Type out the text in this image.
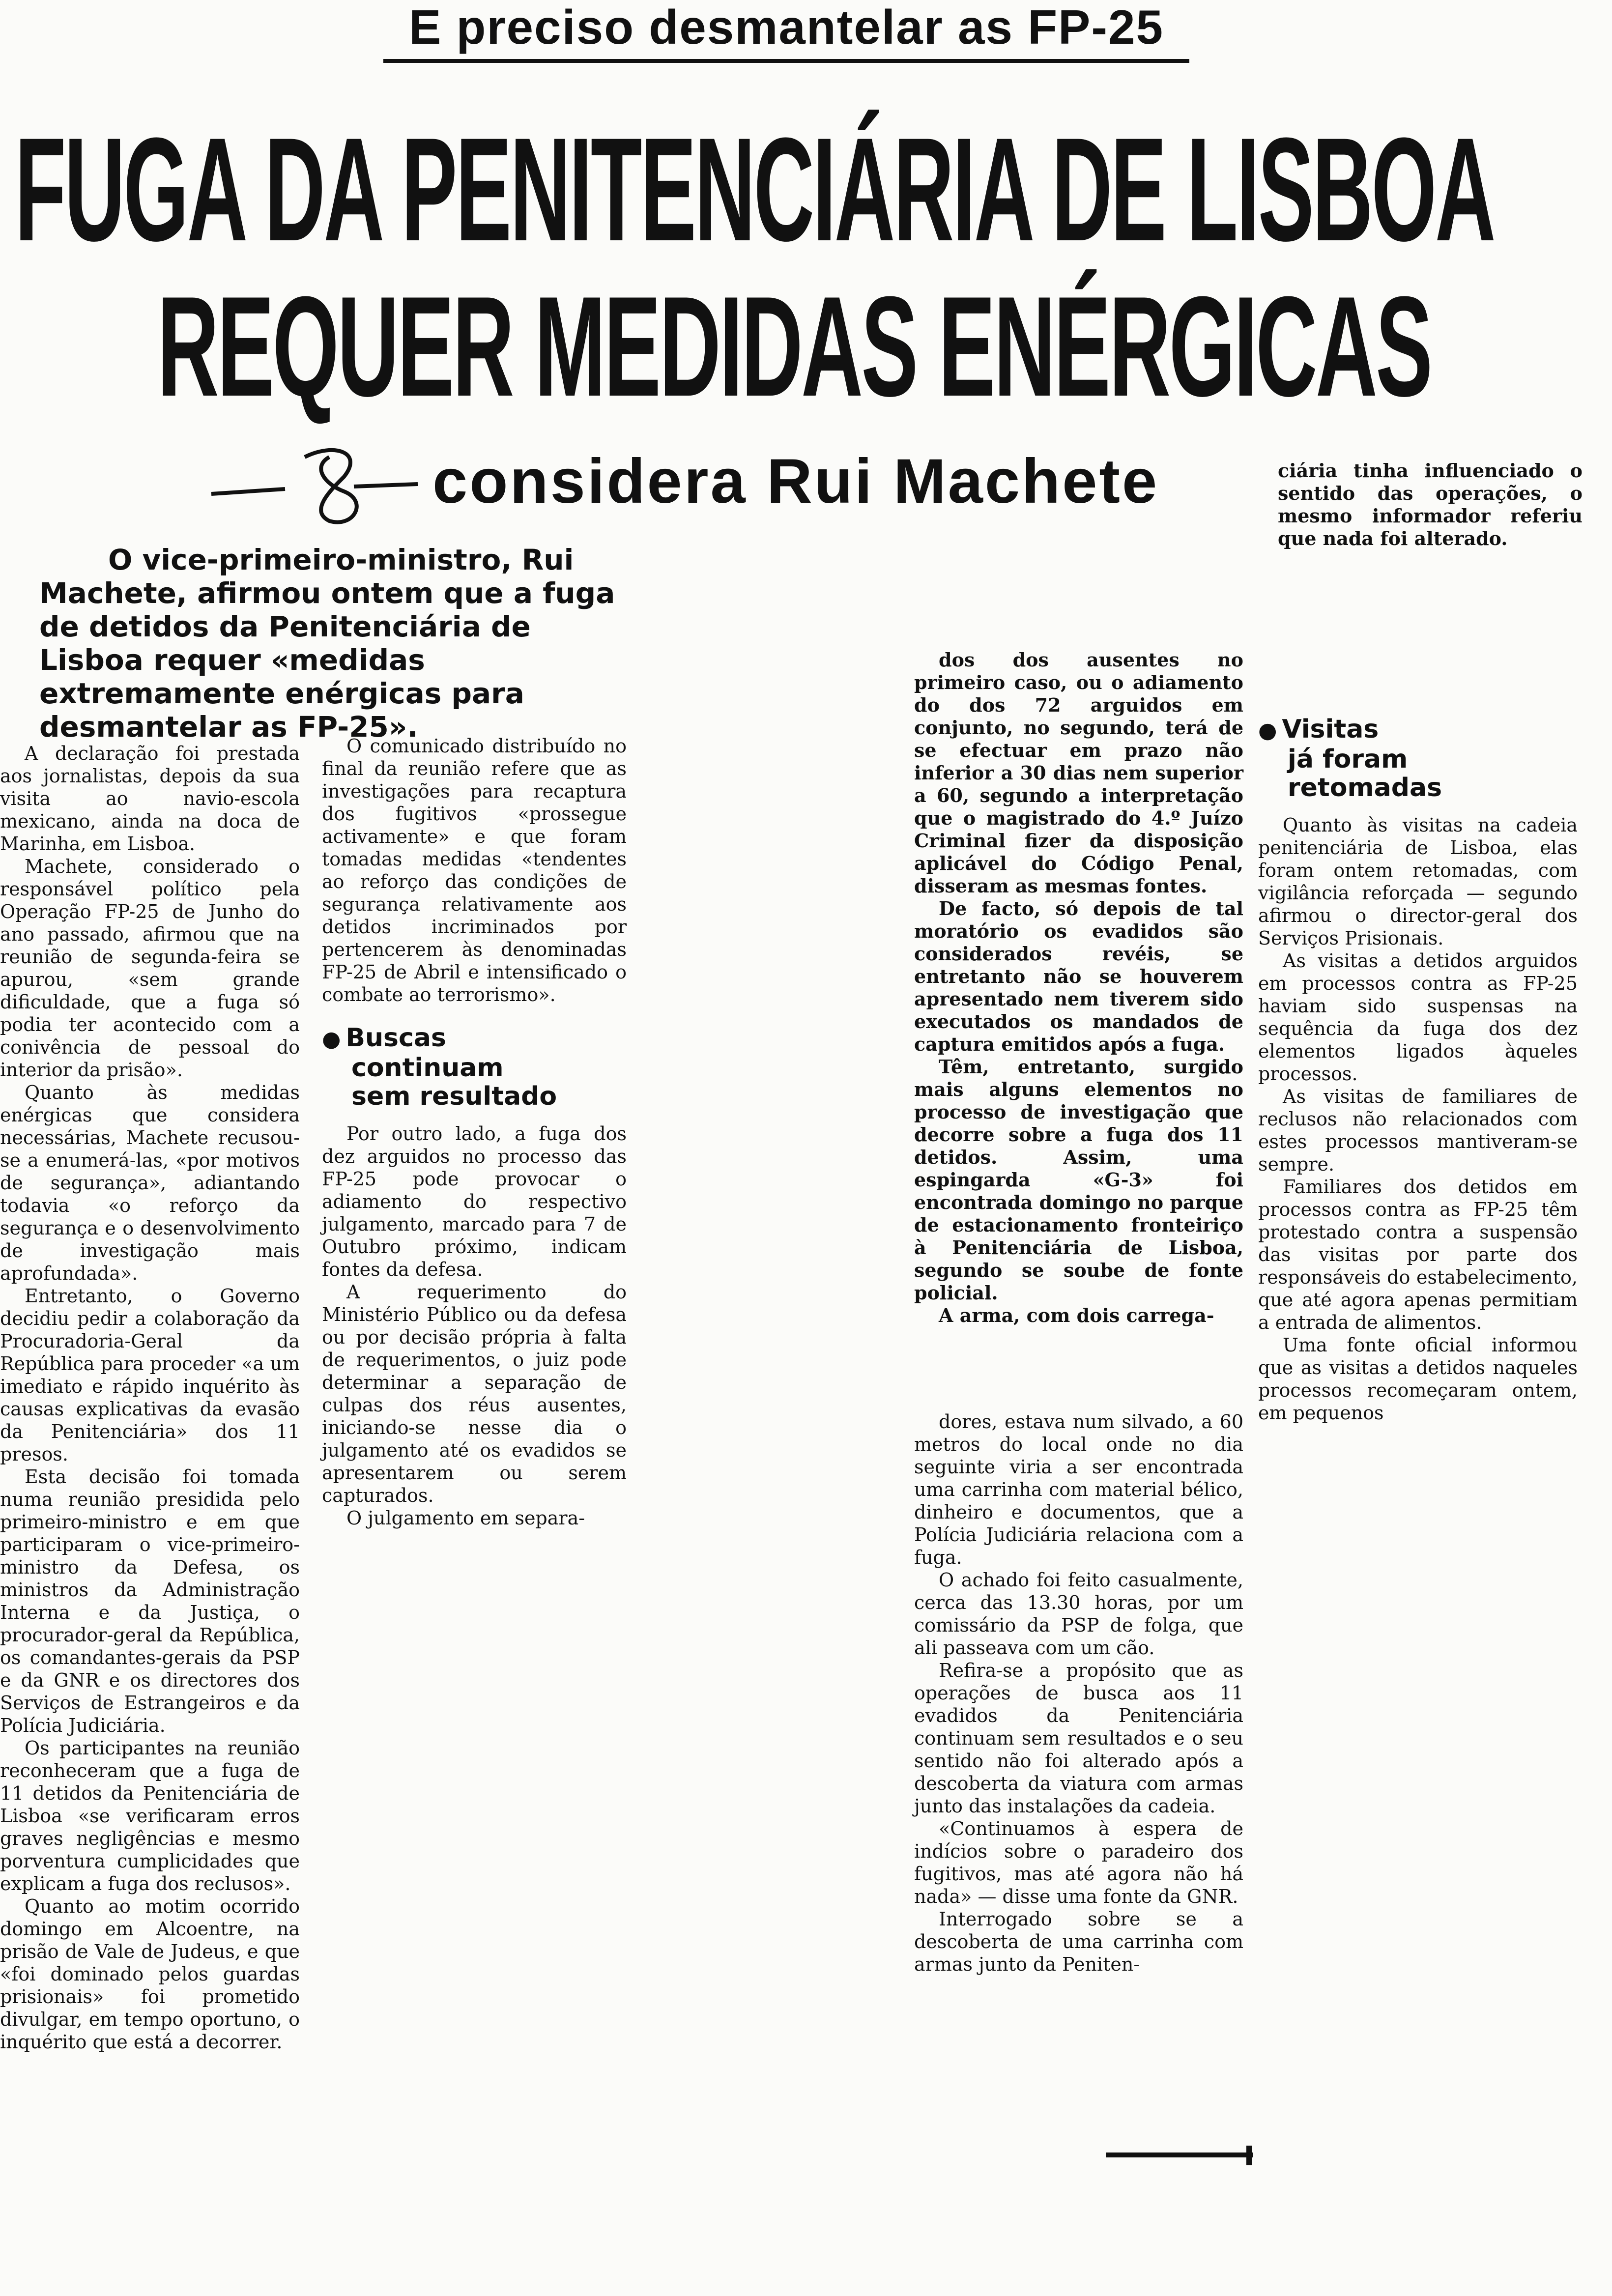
E preciso desmantelar as FP-25
FUGA DA PENITENCIÁRIA DE LISBOA
REQUER MEDIDAS ENÉRGICAS
considera Rui Machete
O vice-primeiro-ministro, Rui Machete, afirmou ontem que a fuga de detidos da Penitenciária de Lisboa requer «medidas extremamente enérgicas para desmantelar as FP-25».

A declaração foi prestada aos jornalistas, depois da sua visita ao navio-escola mexicano, ainda na doca de Marinha, em Lisboa.

Machete, considerado o responsável político pela Operação FP-25 de Junho do ano passado, afirmou que na reunião de segunda-feira se apurou, «sem grande dificuldade, que a fuga só podia ter acontecido com a conivência de pessoal do interior da prisão».

Quanto às medidas enérgicas que considera necessárias, Machete recusou-se a enumerá-las, «por motivos de segurança», adiantando todavia «o reforço da segurança e o desenvolvimento de investigação mais aprofundada».

Entretanto, o Governo decidiu pedir a colaboração da Procuradoria-Geral da República para proceder «a um imediato e rápido inquérito às causas explicativas da evasão da Penitenciária» dos 11 presos.

Esta decisão foi tomada numa reunião presidida pelo primeiro-ministro e em que participaram o vice-primeiro-ministro da Defesa, os ministros da Administração Interna e da Justiça, o procurador-geral da República, os comandantes-gerais da PSP e da GNR e os directores dos Serviços de Estrangeiros e da Polícia Judiciária.

Os participantes na reunião reconheceram que a fuga de 11 detidos da Penitenciária de Lisboa «se verificaram erros graves negligências e mesmo porventura cumplicidades que explicam a fuga dos reclusos».

Quanto ao motim ocorrido domingo em Alcoentre, na prisão de Vale de Judeus, e que «foi dominado pelos guardas prisionais» foi prometido divulgar, em tempo oportuno, o inquérito que está a decorrer.

O comunicado distribuído no final da reunião refere que as investigações para recaptura dos fugitivos «prossegue activamente» e que foram tomadas medidas «tendentes ao reforço das condições de segurança relativamente aos detidos incriminados por pertencerem às denominadas FP-25 de Abril e intensificado o combate ao terrorismo».

● Buscas
continuam
sem resultado

Por outro lado, a fuga dos dez arguidos no processo das FP-25 pode provocar o adiamento do respectivo julgamento, marcado para 7 de Outubro próximo, indicam fontes da defesa.

A requerimento do Ministério Público ou da defesa ou por decisão própria à falta de requerimentos, o juiz pode determinar a separação de culpas dos réus ausentes, iniciando-se nesse dia o julgamento até os evadidos se apresentarem ou serem capturados.

O julgamento em separa-

dos dos ausentes no primeiro caso, ou o adiamento do dos 72 arguidos em conjunto, no segundo, terá de se efectuar em prazo não inferior a 30 dias nem superior a 60, segundo a interpretação que o magistrado do 4.º Juízo Criminal fizer da disposição aplicável do Código Penal, disseram as mesmas fontes.

De facto, só depois de tal moratório os evadidos são considerados revéis, se entretanto não se houverem apresentado nem tiverem sido executados os mandados de captura emitidos após a fuga.

Têm, entretanto, surgido mais alguns elementos no processo de investigação que decorre sobre a fuga dos 11 detidos. Assim, uma espingarda «G-3» foi encontrada domingo no parque de estacionamento fronteiriço à Penitenciária de Lisboa, segundo se soube de fonte policial.

A arma, com dois carrega-

dores, estava num silvado, a 60 metros do local onde no dia seguinte viria a ser encontrada uma carrinha com material bélico, dinheiro e documentos, que a Polícia Judiciária relaciona com a fuga.

O achado foi feito casualmente, cerca das 13.30 horas, por um comissário da PSP de folga, que ali passeava com um cão.

Refira-se a propósito que as operações de busca aos 11 evadidos da Penitenciária continuam sem resultados e o seu sentido não foi alterado após a descoberta da viatura com armas junto das instalações da cadeia.

«Continuamos à espera de indícios sobre o paradeiro dos fugitivos, mas até agora não há nada» — disse uma fonte da GNR.

Interrogado sobre se a descoberta de uma carrinha com armas junto da Peniten-

ciária tinha influenciado o sentido das operações, o mesmo informador referiu que nada foi alterado.
● Visitas
já foram
retomadas

Quanto às visitas na cadeia penitenciária de Lisboa, elas foram ontem retomadas, com vigilância reforçada — segundo afirmou o director-geral dos Serviços Prisionais.

As visitas a detidos arguidos em processos contra as FP-25 haviam sido suspensas na sequência da fuga dos dez elementos ligados àqueles processos.

As visitas de familiares de reclusos não relacionados com estes processos mantiveram-se sempre.

Familiares dos detidos em processos contra as FP-25 têm protestado contra a suspensão das visitas por parte dos responsáveis do estabelecimento, que até agora apenas permitiam a entrada de alimentos.

Uma fonte oficial informou que as visitas a detidos naqueles processos recomeçaram ontem, em pequenos
